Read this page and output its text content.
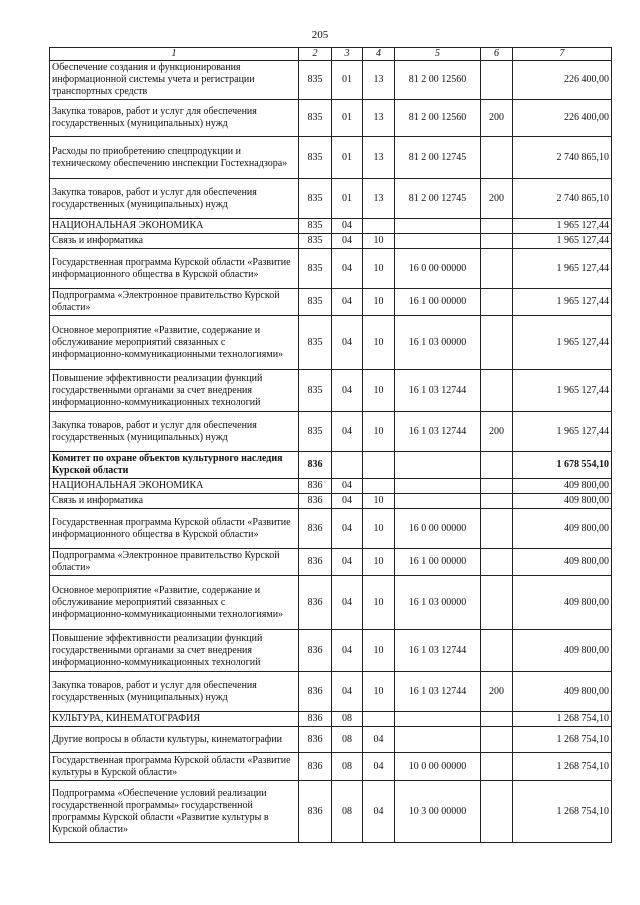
205
1	2	3	4	5	6	7
Обеспечение создания и функционирования информационной системы учета и регистрации транспортных средств	835	01	13	81 2 00 12560		226 400,00
Закупка товаров, работ и услуг для обеспечения государственных (муниципальных) нужд	835	01	13	81 2 00 12560	200	226 400,00
Расходы по приобретению спецпродукции и техническому обеспечению инспекции Гостехнадзора»	835	01	13	81 2 00 12745		2 740 865,10
Закупка товаров, работ и услуг для обеспечения государственных (муниципальных) нужд	835	01	13	81 2 00 12745	200	2 740 865,10
НАЦИОНАЛЬНАЯ ЭКОНОМИКА	835	04				1 965 127,44
Связь и информатика	835	04	10			1 965 127,44
Государственная программа Курской области «Развитие информационного общества в Курской области»	835	04	10	16 0 00 00000		1 965 127,44
Подпрограмма «Электронное правительство Курской области»	835	04	10	16 1 00 00000		1 965 127,44
Основное мероприятие «Развитие, содержание и обслуживание мероприятий связанных с информационно-коммуникационными технологиями»	835	04	10	16 1 03 00000		1 965 127,44
Повышение эффективности реализации функций государственными органами за счет внедрения информационно-коммуникационных технологий	835	04	10	16 1 03 12744		1 965 127,44
Закупка товаров, работ и услуг для обеспечения государственных (муниципальных) нужд	835	04	10	16 1 03 12744	200	1 965 127,44
Комитет по охране объектов культурного наследия Курской области	836					1 678 554,10
НАЦИОНАЛЬНАЯ ЭКОНОМИКА	836	04				409 800,00
Связь и информатика	836	04	10			409 800,00
Государственная программа Курской области «Развитие информационного общества в Курской области»	836	04	10	16 0 00 00000		409 800,00
Подпрограмма «Электронное правительство Курской области»	836	04	10	16 1 00 00000		409 800,00
Основное мероприятие «Развитие, содержание и обслуживание мероприятий связанных с информационно-коммуникационными технологиями»	836	04	10	16 1 03 00000		409 800,00
Повышение эффективности реализации функций государственными органами за счет внедрения информационно-коммуникационных технологий	836	04	10	16 1 03 12744		409 800,00
Закупка товаров, работ и услуг для обеспечения государственных (муниципальных) нужд	836	04	10	16 1 03 12744	200	409 800,00
КУЛЬТУРА, КИНЕМАТОГРАФИЯ	836	08				1 268 754,10
Другие вопросы в области культуры, кинематографии	836	08	04			1 268 754,10
Государственная программа Курской области «Развитие культуры в Курской области»	836	08	04	10 0 00 00000		1 268 754,10
Подпрограмма «Обеспечение условий реализации государственной программы» государственной программы Курской области «Развитие культуры в Курской области»	836	08	04	10 3 00 00000		1 268 754,10
